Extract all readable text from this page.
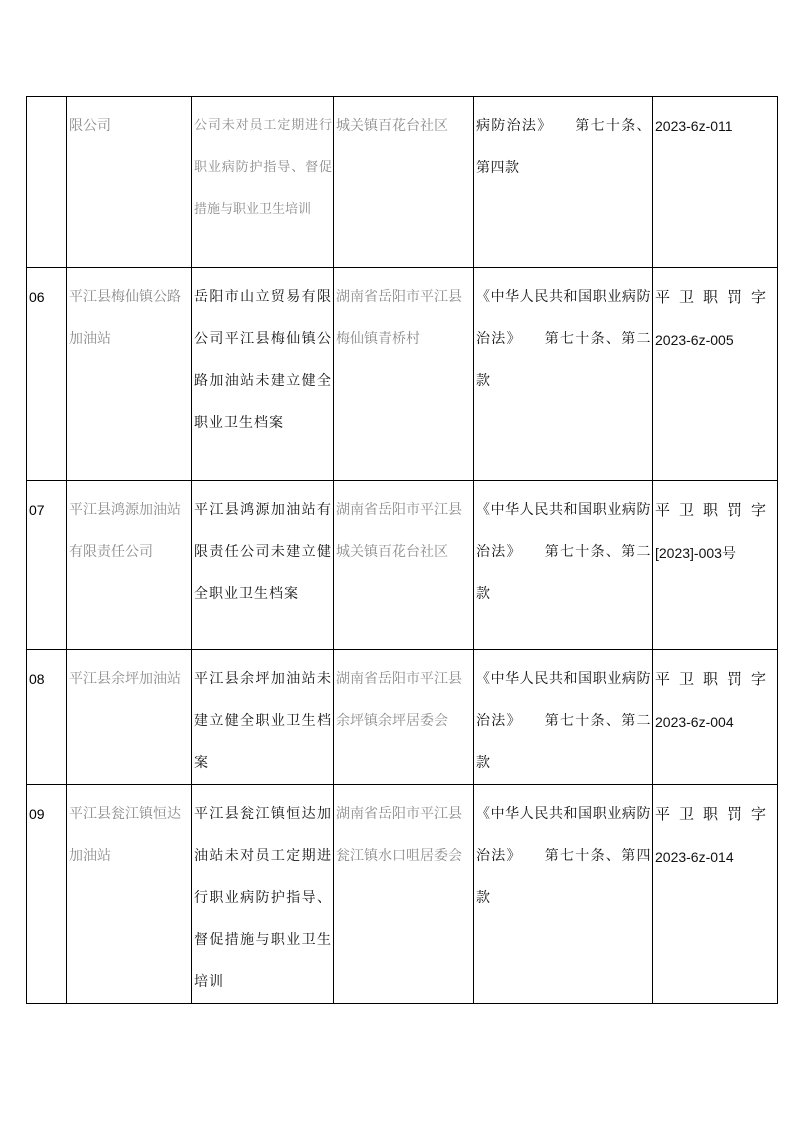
	限公司	公司未对员工定期进行职业病防护指导、督促措施与职业卫生培训	城关镇百花台社区	病防治法》 第七十条、第四款	2023-6z-011
06	平江县梅仙镇公路加油站	岳阳市山立贸易有限公司平江县梅仙镇公路加油站未建立健全职业卫生档案	湖南省岳阳市平江县梅仙镇青桥村	《中华人民共和国职业病防治法》 第七十条、第二款	平卫职罚字 2023-6z-005
07	平江县鸿源加油站有限责任公司	平江县鸿源加油站有限责任公司未建立健全职业卫生档案	湖南省岳阳市平江县城关镇百花台社区	《中华人民共和国职业病防治法》 第七十条、第二款	平卫职罚字 [2023]-003号
08	平江县余坪加油站	平江县余坪加油站未建立健全职业卫生档案	湖南省岳阳市平江县余坪镇余坪居委会	《中华人民共和国职业病防治法》 第七十条、第二款	平卫职罚字 2023-6z-004
09	平江县瓮江镇恒达加油站	平江县瓮江镇恒达加油站未对员工定期进行职业病防护指导、督促措施与职业卫生培训	湖南省岳阳市平江县瓮江镇水口咀居委会	《中华人民共和国职业病防治法》 第七十条、第四款	平卫职罚字 2023-6z-014
